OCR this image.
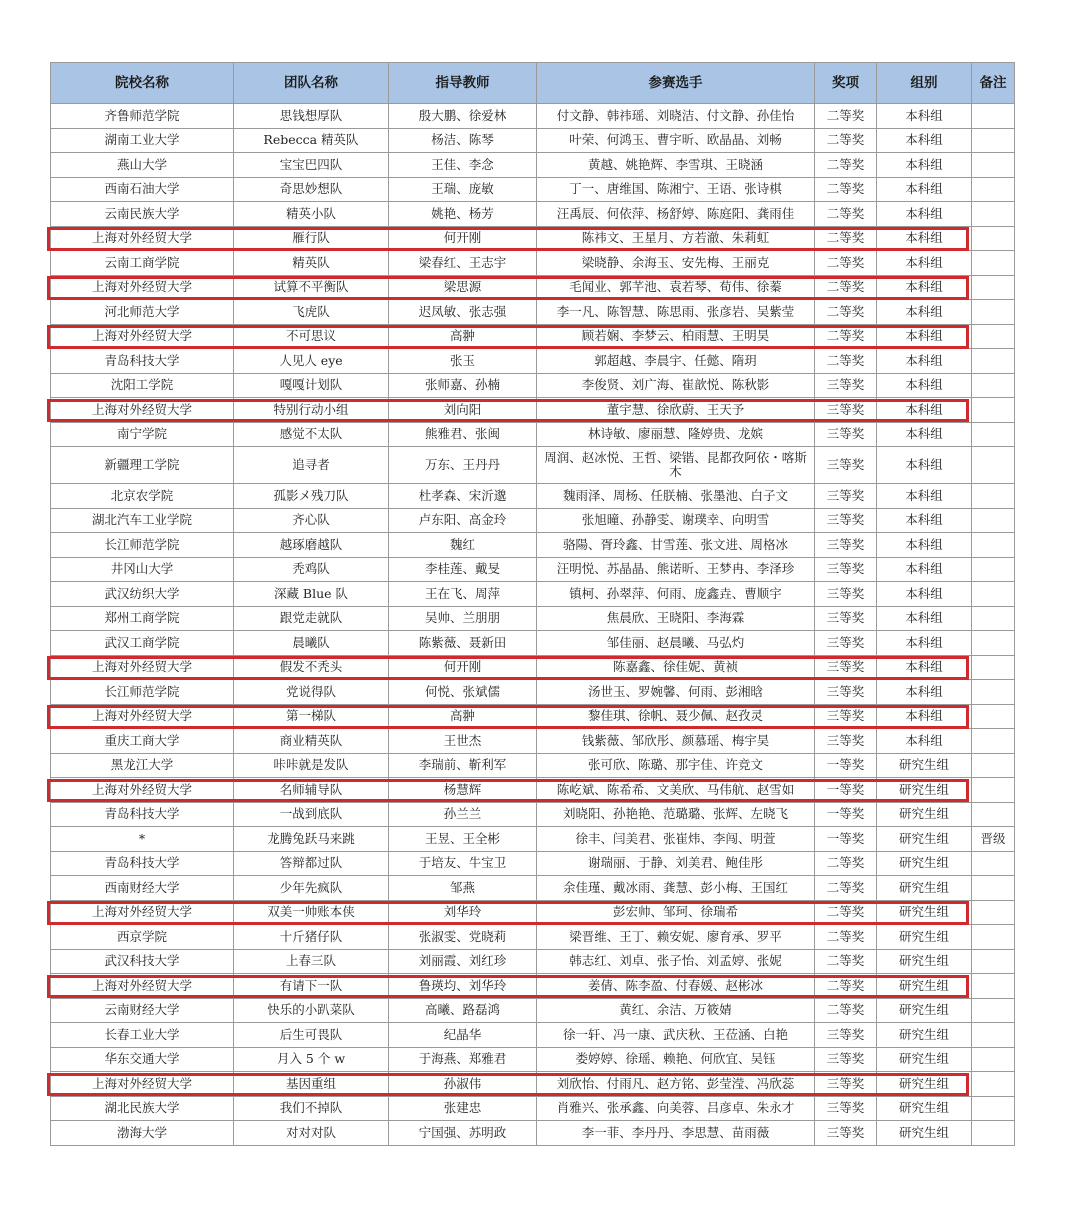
院校名称	团队名称	指导教师	参赛选手	奖项	组别	备注
齐鲁师范学院	思钱想厚队	殷大鹏、徐爱林	付文静、韩祎瑶、刘晓洁、付文静、孙佳怡	二等奖	本科组	
湖南工业大学	Rebecca 精英队	杨洁、陈琴	叶荣、何鸿玉、曹宇昕、欧晶晶、刘畅	二等奖	本科组	
燕山大学	宝宝巴四队	王佳、李念	黄越、姚艳辉、李雪琪、王晓涵	二等奖	本科组	
西南石油大学	奇思妙想队	王瑞、庞敏	丁一、唐维国、陈湘宁、王语、张诗棋	二等奖	本科组	
云南民族大学	精英小队	姚艳、杨芳	汪禹辰、何依萍、杨舒婷、陈庭阳、龚雨佳	二等奖	本科组	
上海对外经贸大学	雁行队	何开刚	陈祎文、王星月、方若澈、朱莉虹	二等奖	本科组	
云南工商学院	精英队	梁春红、王志宇	梁晓静、余海玉、安先梅、王丽克	二等奖	本科组	
上海对外经贸大学	试算不平衡队	梁思源	毛闻业、郭芊池、袁若琴、荀伟、徐蓁	二等奖	本科组	
河北师范大学	飞虎队	迟凤敏、张志强	李一凡、陈智慧、陈思雨、张彦岩、吴紫莹	二等奖	本科组	
上海对外经贸大学	不可思议	高翀	顾若娴、李梦云、柏雨慧、王明昊	二等奖	本科组	
青岛科技大学	人见人 eye	张玉	郭超越、李晨宇、任懿、隋玥	二等奖	本科组	
沈阳工学院	嘎嘎计划队	张师嘉、孙楠	李俊贤、刘广海、崔歆悦、陈秋影	三等奖	本科组	
上海对外经贸大学	特别行动小组	刘向阳	董宇慧、徐欣蔚、王天予	三等奖	本科组	
南宁学院	感觉不太队	熊雅君、张闽	林诗敏、廖丽慧、隆婷贵、龙嫔	三等奖	本科组	
新疆理工学院	追寻者	万东、王丹丹	周润、赵冰悦、王哲、梁锴、昆都孜阿依・喀斯木	三等奖	本科组	
北京农学院	孤影メ残刀队	杜孝森、宋沂邈	魏雨泽、周杨、任朕楠、张墨池、白子文	三等奖	本科组	
湖北汽车工业学院	齐心队	卢东阳、高金玲	张旭曈、孙静雯、谢璞幸、向明雪	三等奖	本科组	
长江师范学院	越琢磨越队	魏红	骆陽、胥玲鑫、甘雪莲、张文进、周格冰	三等奖	本科组	
井冈山大学	秃鸡队	李桂莲、戴旻	汪明悦、苏晶晶、熊诺昕、王梦冉、李泽珍	三等奖	本科组	
武汉纺织大学	深藏 Blue 队	王在飞、周萍	镇柯、孙翠萍、何雨、庞鑫垚、曹顺宇	三等奖	本科组	
郑州工商学院	跟党走就队	吴帅、兰朋朋	焦晨欣、王晓阳、李海霖	三等奖	本科组	
武汉工商学院	晨曦队	陈紫薇、聂新田	邹佳丽、赵晨曦、马弘灼	三等奖	本科组	
上海对外经贸大学	假发不秃头	何开刚	陈嘉鑫、徐佳妮、黄祯	三等奖	本科组	
长江师范学院	党说得队	何悦、张斌儒	汤世玉、罗婉馨、何雨、彭湘晗	三等奖	本科组	
上海对外经贸大学	第一梯队	高翀	黎佳琪、徐帆、聂少佩、赵孜灵	三等奖	本科组	
重庆工商大学	商业精英队	王世杰	钱紫薇、邹欣彤、颜慕瑶、梅宇昊	三等奖	本科组	
黑龙江大学	咔咔就是发队	李瑞前、靳利军	张可欣、陈璐、那宇佳、许竞文	一等奖	研究生组	
上海对外经贸大学	名师辅导队	杨慧辉	陈屹斌、陈希希、文美欣、马伟航、赵雪如	一等奖	研究生组	
青岛科技大学	一战到底队	孙兰兰	刘晓阳、孙艳艳、范璐璐、张辉、左晓飞	一等奖	研究生组	
*	龙腾兔跃马来跳	王昱、王全彬	徐丰、闫美君、张崔炜、李闯、明萱	一等奖	研究生组	晋级
青岛科技大学	答辩都过队	于培友、牛宝卫	谢瑞丽、于静、刘美君、鲍佳彤	二等奖	研究生组	
西南财经大学	少年先疯队	邹燕	余佳瑾、戴冰雨、龚慧、彭小梅、王国红	二等奖	研究生组	
上海对外经贸大学	双美一帅账本侠	刘华玲	彭宏帅、邹珂、徐瑞希	二等奖	研究生组	
西京学院	十斤猪仔队	张淑雯、党晓莉	梁晋维、王丁、赖安妮、廖育承、罗平	二等奖	研究生组	
武汉科技大学	上春三队	刘丽霞、刘红珍	韩志红、刘卓、张子怡、刘孟婷、张妮	二等奖	研究生组	
上海对外经贸大学	有请下一队	鲁瑛均、刘华玲	姜倩、陈李盈、付春媛、赵彬冰	二等奖	研究生组	
云南财经大学	快乐的小趴菜队	高曦、路磊鸿	黄红、余洁、万筱婧	二等奖	研究生组	
长春工业大学	后生可畏队	纪晶华	徐一轩、冯一康、武庆秋、王莅涵、白艳	三等奖	研究生组	
华东交通大学	月入 5 个 w	于海燕、郑雅君	娄婷婷、徐瑶、赖艳、何欣宜、吴钰	三等奖	研究生组	
上海对外经贸大学	基因重组	孙淑伟	刘欣怡、付雨凡、赵方铭、彭莹滢、冯欣蕊	三等奖	研究生组	
湖北民族大学	我们不掉队	张建忠	肖雅兴、张承鑫、向美蓉、吕彦卓、朱永才	三等奖	研究生组	
渤海大学	对对对队	宁国强、苏明政	李一菲、李丹丹、李思慧、苗雨薇	三等奖	研究生组	
